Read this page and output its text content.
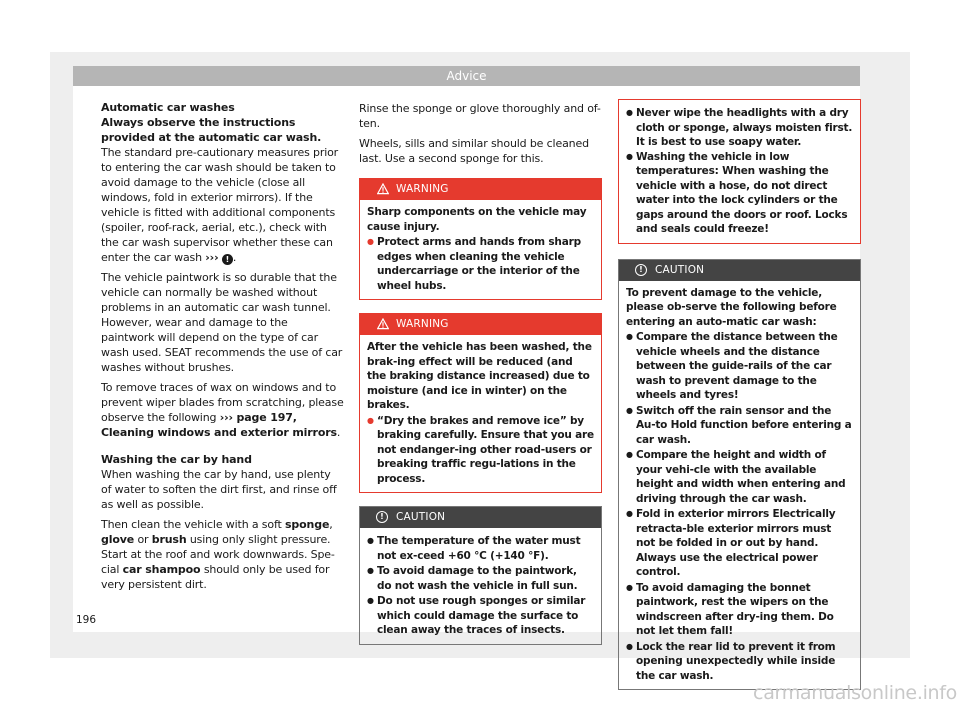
Advice
Automatic car washes
Always observe the instructions provided at the automatic car wash. The standard pre-cautionary measures prior to entering the car wash should be taken to avoid damage to the vehicle (close all windows, fold in exterior mirrors). If the vehicle is fitted with additional components (spoiler, roof-rack, aerial, etc.), check with the car wash supervisor whether these can enter the car wash ››› ! .
The vehicle paintwork is so durable that the vehicle can normally be washed without problems in an automatic car wash tunnel. However, wear and damage to the paintwork will depend on the type of car wash used. SEAT recommends the use of car washes without brushes.
To remove traces of wax on windows and to prevent wiper blades from scratching, please observe the following ››› page 197, Cleaning windows and exterior mirrors.
Washing the car by hand
When washing the car by hand, use plenty of water to soften the dirt first, and rinse off as well as possible.
Then clean the vehicle with a soft sponge, glove or brush using only slight pressure. Start at the roof and work downwards. Spe-cial car shampoo should only be used for very persistent dirt.
Rinse the sponge or glove thoroughly and of-ten.
Wheels, sills and similar should be cleaned last. Use a second sponge for this.
WARNING
Sharp components on the vehicle may cause injury.
● Protect arms and hands from sharp edges when cleaning the vehicle undercarriage or the interior of the wheel hubs.
WARNING
After the vehicle has been washed, the brak-ing effect will be reduced (and the braking distance increased) due to moisture (and ice in winter) on the brakes.
● “Dry the brakes and remove ice” by braking carefully. Ensure that you are not endanger-ing other road-users or breaking traffic regu-lations in the process.
!	CAUTION
● The temperature of the water must not ex-ceed +60 °C (+140 °F).
● To avoid damage to the paintwork, do not wash the vehicle in full sun.
● Do not use rough sponges or similar which could damage the surface to clean away the traces of insects.
● Never wipe the headlights with a dry cloth or sponge, always moisten first. It is best to use soapy water.
● Washing the vehicle in low temperatures: When washing the vehicle with a hose, do not direct water into the lock cylinders or the gaps around the doors or roof. Locks and seals could freeze!
!	CAUTION
To prevent damage to the vehicle, please ob-serve the following before entering an auto-matic car wash:
● Compare the distance between the vehicle wheels and the distance between the guide-rails of the car wash to prevent damage to the wheels and tyres!
● Switch off the rain sensor and the Au-to Hold function before entering a car wash.
● Compare the height and width of your vehi-cle with the available height and width when entering and driving through the car wash.
● Fold in exterior mirrors Electrically retracta-ble exterior mirrors must not be folded in or out by hand. Always use the electrical power control.
● To avoid damaging the bonnet paintwork, rest the wipers on the windscreen after dry-ing them. Do not let them fall!
● Lock the rear lid to prevent it from opening unexpectedly while inside the car wash.
196
carmanualsonline.info
